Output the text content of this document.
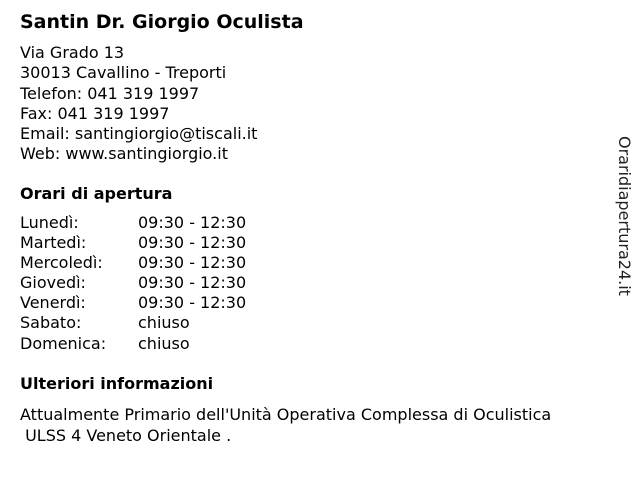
Santin Dr. Giorgio Oculista
Via Grado 13
30013 Cavallino - Treporti
Telefon: 041 319 1997
Fax: 041 319 1997
Email: santingiorgio@tiscali.it
Web: www.santingiorgio.it
Orari di apertura
Lunedì:	09:30 - 12:30
Martedì:	09:30 - 12:30
Mercoledì: 09:30 - 12:30
Giovedì:	09:30 - 12:30
Venerdì:	09:30 - 12:30
Sabato:	chiuso
Domenica: chiuso
Ulteriori informazioni
Attualmente Primario dell'Unità Operativa Complessa di Oculistica
ULSS 4 Veneto Orientale .
Oraridiapertura24.it
